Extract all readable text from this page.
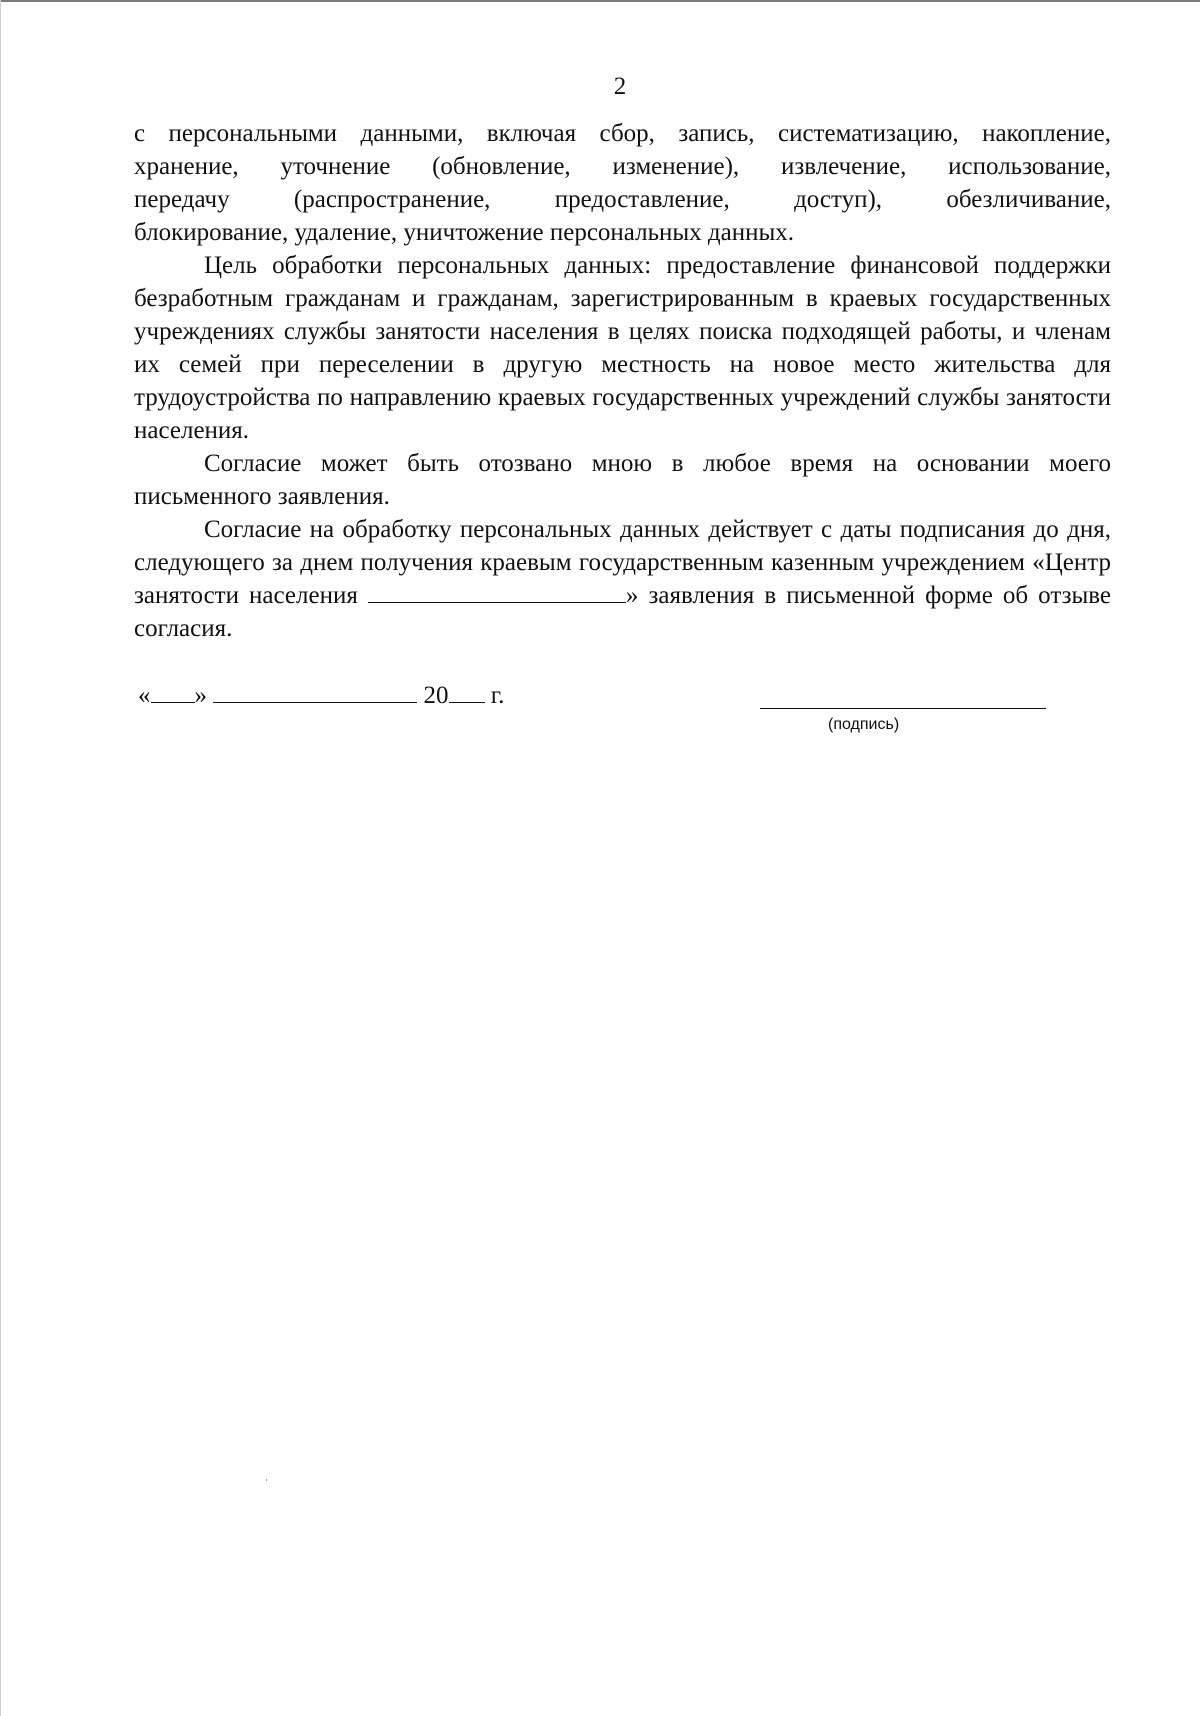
2

с персональными данными, включая сбор, запись, систематизацию, накопление,
хранение, уточнение (обновление, изменение), извлечение, использование,
передачу (распространение, предоставление, доступ), обезличивание,
блокирование, удаление, уничтожение персональных данных.

Цель обработки персональных данных: предоставление финансовой поддержки безработным гражданам и гражданам, зарегистрированным в краевых государственных учреждениях службы занятости населения в целях поиска подходящей работы, и членам их семей при переселении в другую местность на новое место жительства для трудоустройства по направлению краевых государственных учреждений службы занятости населения.

Согласие может быть отозвано мною в любое время на основании моего письменного заявления.

Согласие на обработку персональных данных действует с даты подписания до дня, следующего за днем получения краевым государственным казенным учреждением «Центр занятости населения	» заявления в письменной форме об отзыве согласия.

« »	20 г.
(подпись)
